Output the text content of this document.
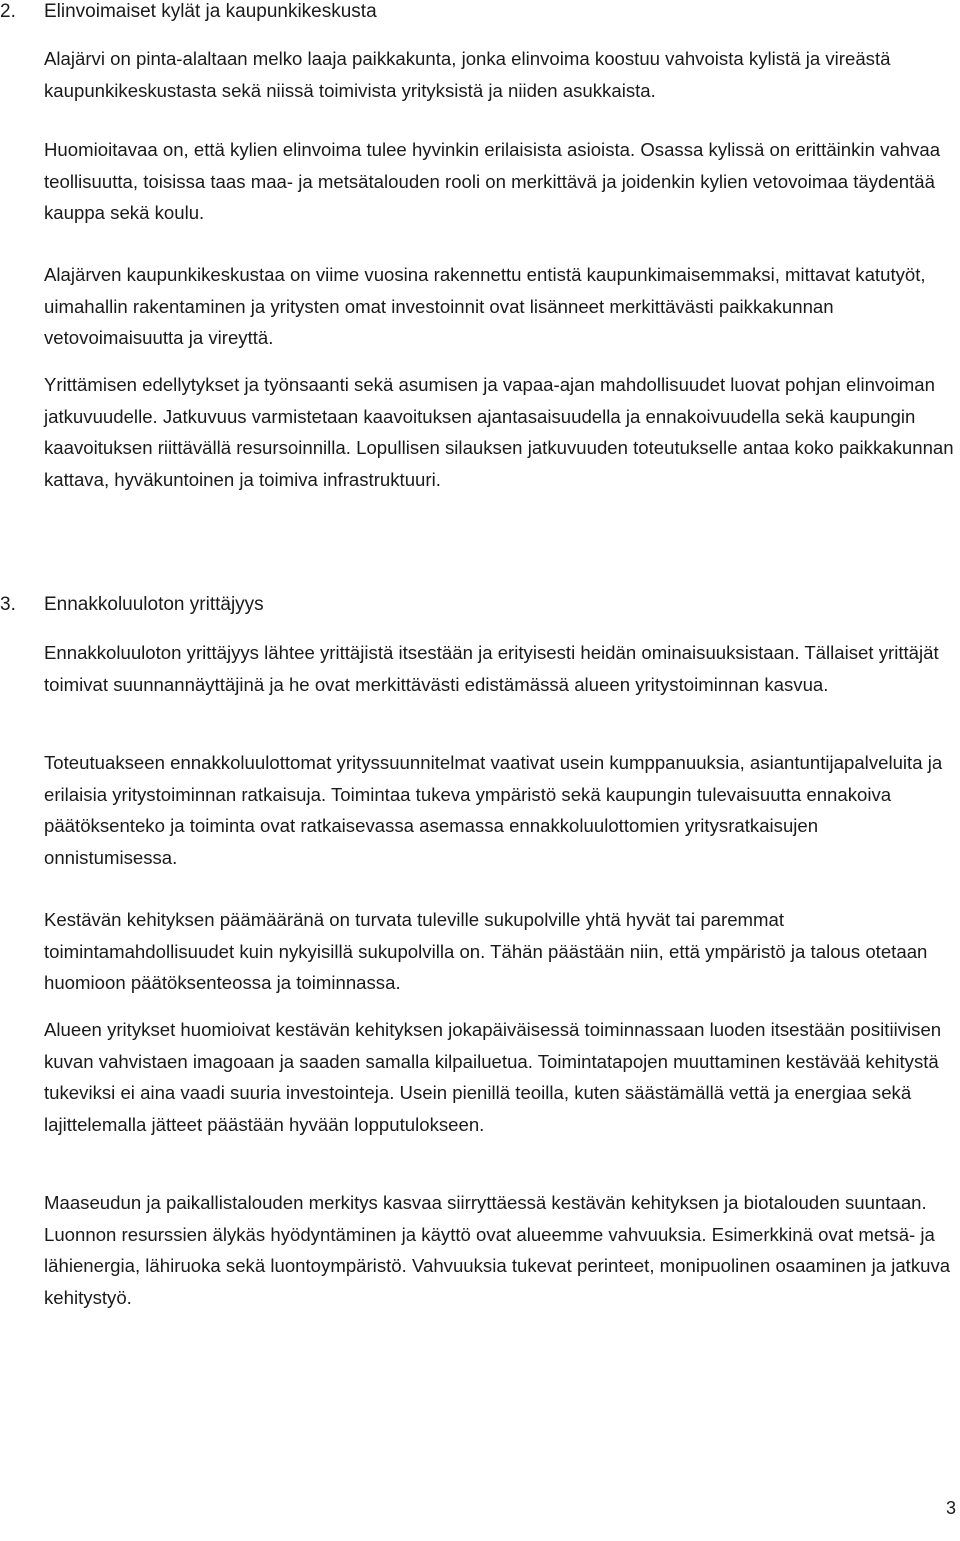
2. Elinvoimaiset kylät ja kaupunkikeskusta

Alajärvi on pinta-alaltaan melko laaja paikkakunta, jonka elinvoima koostuu vahvoista kylistä ja vireästä kaupunkikeskustasta sekä niissä toimivista yrityksistä ja niiden asukkaista.

Huomioitavaa on, että kylien elinvoima tulee hyvinkin erilaisista asioista. Osassa kylissä on erittäinkin vahvaa teollisuutta, toisissa taas maa- ja metsätalouden rooli on merkittävä ja joidenkin kylien vetovoimaa täydentää kauppa sekä koulu.

Alajärven kaupunkikeskustaa on viime vuosina rakennettu entistä kaupunkimaisemmaksi, mittavat katutyöt, uimahallin rakentaminen ja yritysten omat investoinnit ovat lisänneet merkittävästi paikkakunnan vetovoimaisuutta ja vireyttä.

Yrittämisen edellytykset ja työnsaanti sekä asumisen ja vapaa-ajan mahdollisuudet luovat pohjan elinvoiman jatkuvuudelle. Jatkuvuus varmistetaan kaavoituksen ajantasaisuudella ja ennakoivuudella sekä kaupungin kaavoituksen riittävällä resursoinnilla. Lopullisen silauksen jatkuvuuden toteutukselle antaa koko paikkakunnan kattava, hyväkuntoinen ja toimiva infrastruktuuri.

3. Ennakkoluuloton yrittäjyys

Ennakkoluuloton yrittäjyys lähtee yrittäjistä itsestään ja erityisesti heidän ominaisuuksistaan. Tällaiset yrittäjät toimivat suunnannäyttäjinä ja he ovat merkittävästi edistämässä alueen yritystoiminnan kasvua.

Toteutuakseen ennakkoluulottomat yrityssuunnitelmat vaativat usein kumppanuuksia, asiantuntijapalveluita ja erilaisia yritystoiminnan ratkaisuja. Toimintaa tukeva ympäristö sekä kaupungin tulevaisuutta ennakoiva päätöksenteko ja toiminta ovat ratkaisevassa asemassa ennakkoluulottomien yritysratkaisujen onnistumisessa.

Kestävän kehityksen päämääränä on turvata tuleville sukupolville yhtä hyvät tai paremmat toimintamahdollisuudet kuin nykyisillä sukupolvilla on. Tähän päästään niin, että ympäristö ja talous otetaan huomioon päätöksenteossa ja toiminnassa.

Alueen yritykset huomioivat kestävän kehityksen jokapäiväisessä toiminnassaan luoden itsestään positiivisen kuvan vahvistaen imagoaan ja saaden samalla kilpailuetua. Toimintatapojen muuttaminen kestävää kehitystä tukeviksi ei aina vaadi suuria investointeja. Usein pienillä teoilla, kuten säästämällä vettä ja energiaa sekä lajittelemalla jätteet päästään hyvään lopputulokseen.

Maaseudun ja paikallistalouden merkitys kasvaa siirryttäessä kestävän kehityksen ja biotalouden suuntaan. Luonnon resurssien älykäs hyödyntäminen ja käyttö ovat alueemme vahvuuksia. Esimerkkinä ovat metsä- ja lähienergia, lähiruoka sekä luontoympäristö. Vahvuuksia tukevat perinteet, monipuolinen osaaminen ja jatkuva kehitystyö.

3
